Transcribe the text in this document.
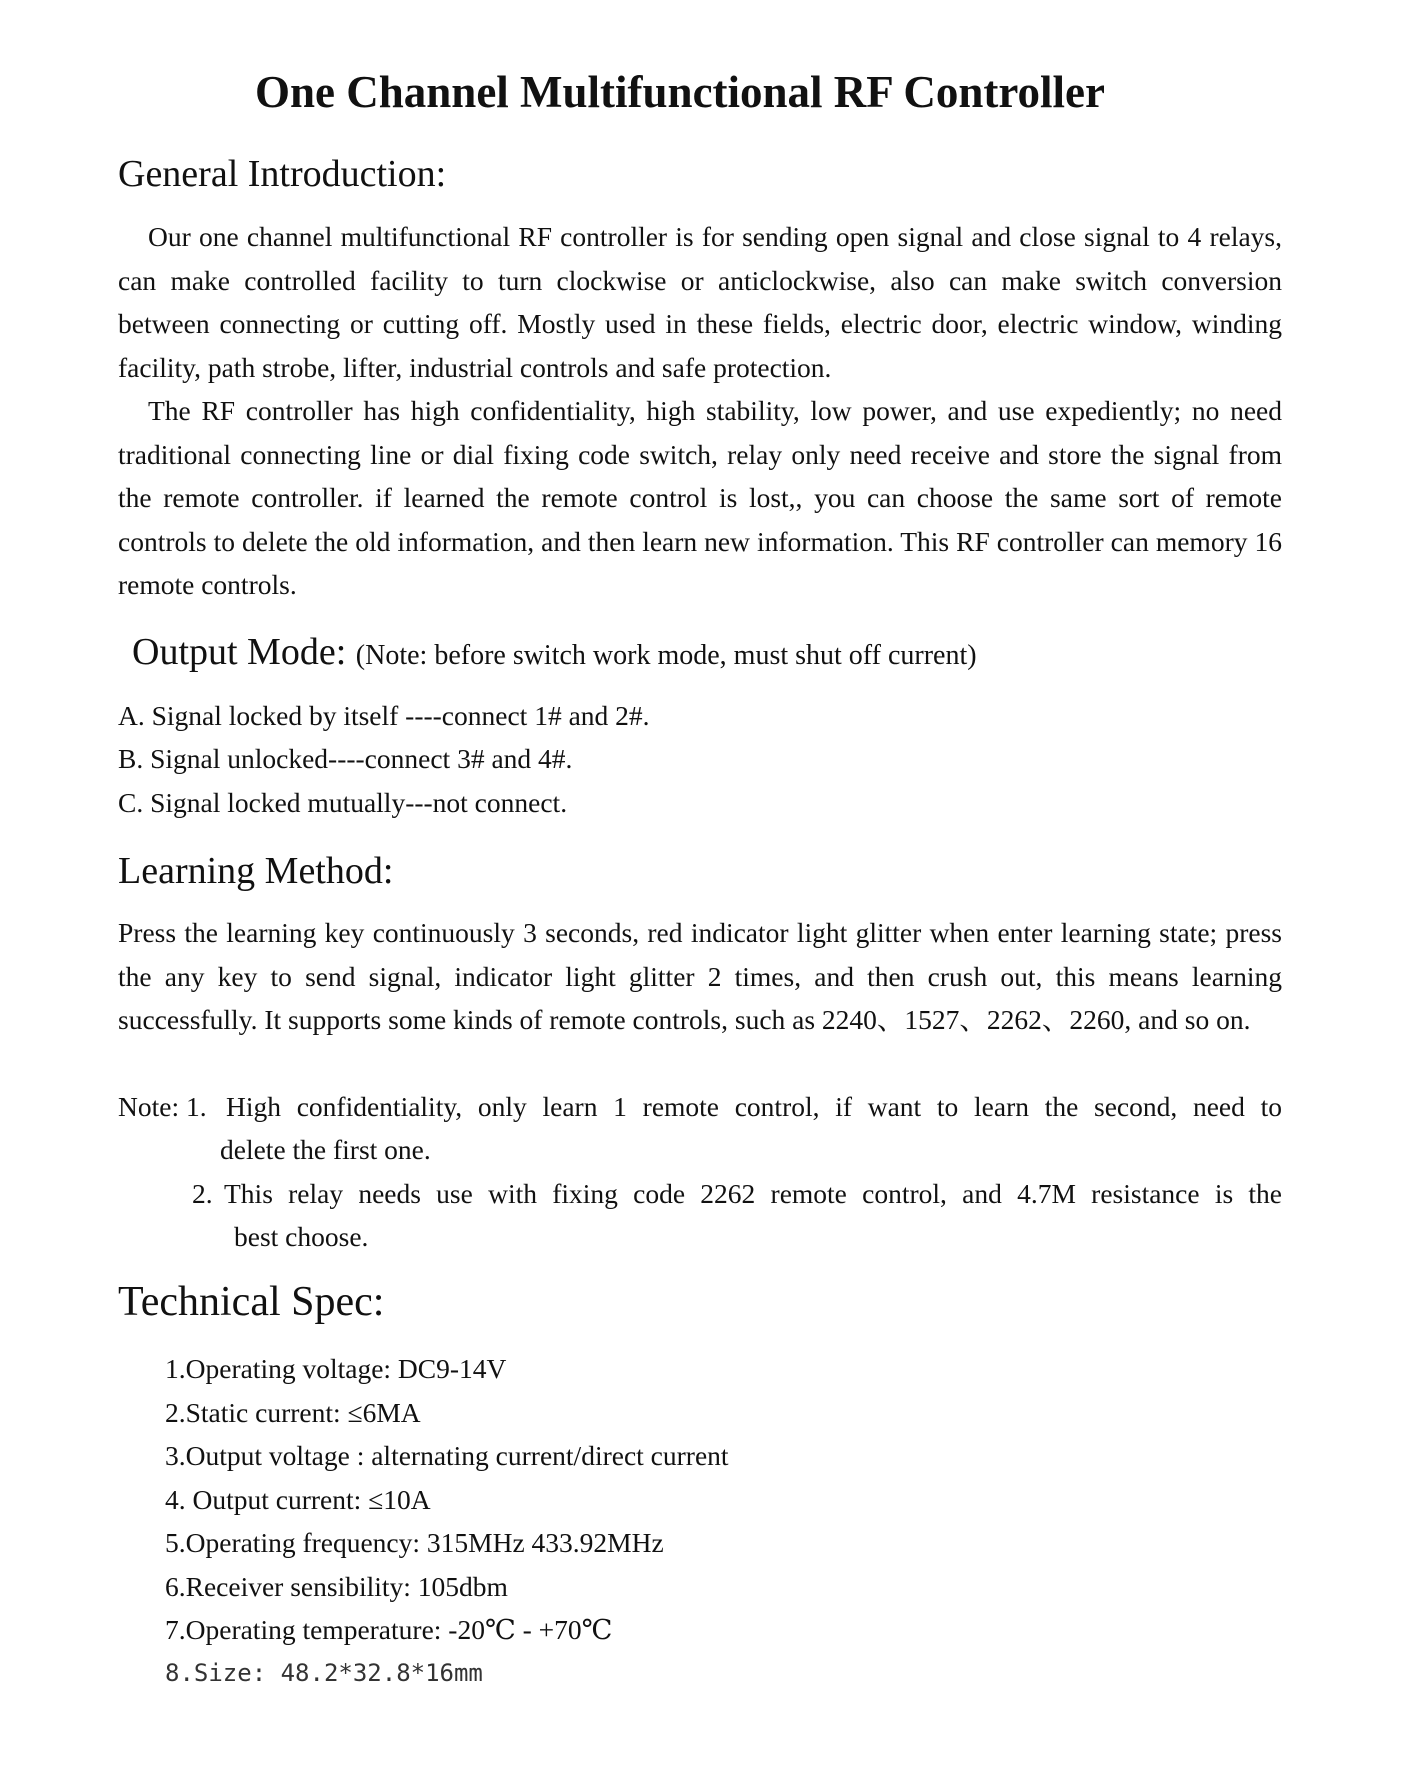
One Channel Multifunctional RF Controller
General Introduction:
Our one channel multifunctional RF controller is for sending open signal and close signal to 4 relays, can make controlled facility to turn clockwise or anticlockwise, also can make switch conversion between connecting or cutting off. Mostly used in these fields, electric door, electric window, winding facility, path strobe, lifter, industrial controls and safe protection.
The RF controller has high confidentiality, high stability, low power, and use expediently; no need traditional connecting line or dial fixing code switch, relay only need receive and store the signal from the remote controller. if learned the remote control is lost,, you can choose the same sort of remote controls to delete the old information, and then learn new information. This RF controller can memory 16 remote controls.
Output Mode: (Note: before switch work mode, must shut off current)
A. Signal locked by itself ----connect 1# and 2#.
B. Signal unlocked----connect 3# and 4#.
C. Signal locked mutually---not connect.
Learning Method:
Press the learning key continuously 3 seconds, red indicator light glitter when enter learning state; press the any key to send signal, indicator light glitter 2 times, and then crush out, this means learning successfully. It supports some kinds of remote controls, such as 2240、1527、2262、2260, and so on.
Note: 1. High confidentiality, only learn 1 remote control, if want to learn the second, need to
delete the first one.
2. This relay needs use with fixing code 2262 remote control, and 4.7M resistance is the
best choose.
Technical Spec:
1.Operating voltage: DC9-14V
2.Static current: ≤6MA
3.Output voltage : alternating current/direct current
4. Output current: ≤10A
5.Operating frequency: 315MHz 433.92MHz
6.Receiver sensibility: 105dbm
7.Operating temperature: -20℃ - +70℃
8.Size: 48.2*32.8*16mm
